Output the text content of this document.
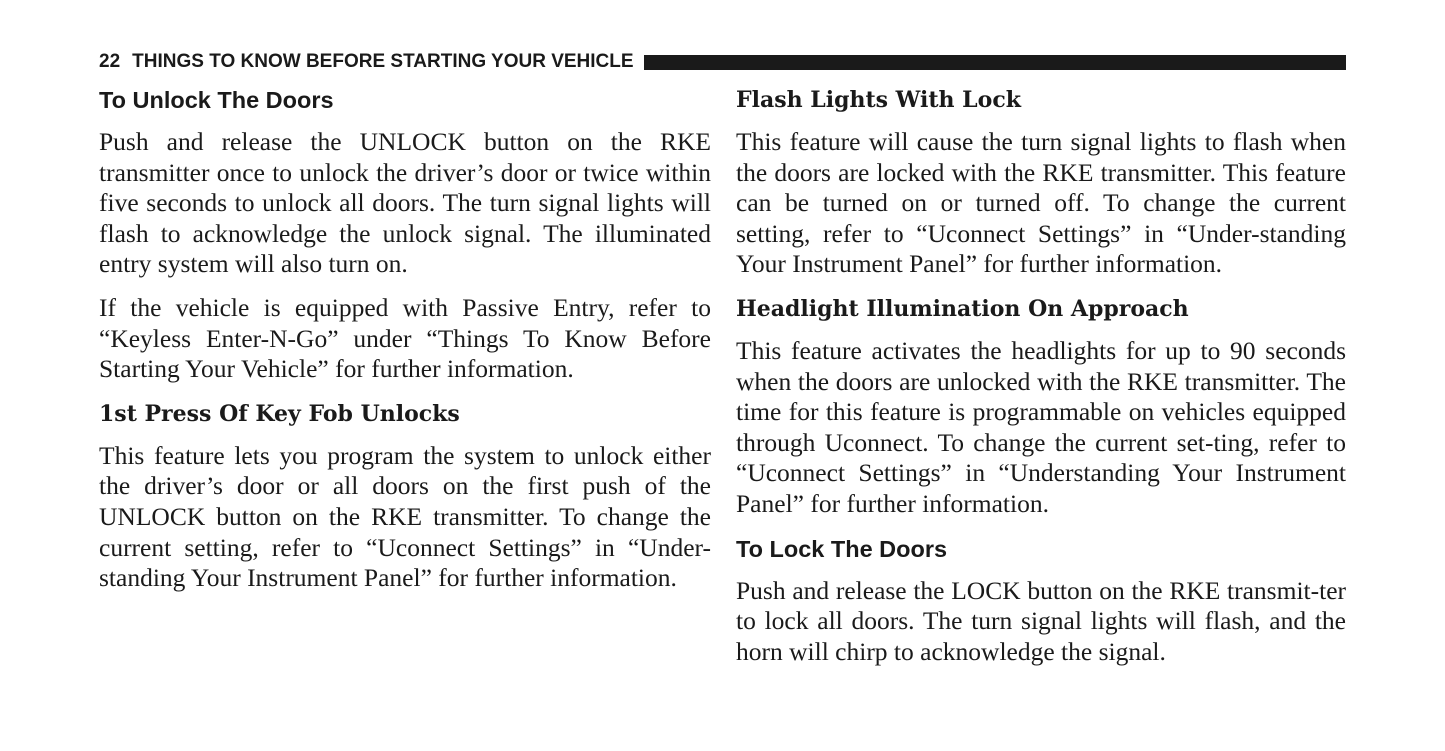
22 THINGS TO KNOW BEFORE STARTING YOUR VEHICLE
To Unlock The Doors

Push and release the UNLOCK button on the RKE transmitter once to unlock the driver’s door or twice within five seconds to unlock all doors. The turn signal lights will flash to acknowledge the unlock signal. The illuminated entry system will also turn on.

If the vehicle is equipped with Passive Entry, refer to “Keyless Enter-N-Go” under “Things To Know Before Starting Your Vehicle” for further information.

1st Press Of Key Fob Unlocks

This feature lets you program the system to unlock either the driver’s door or all doors on the first push of the UNLOCK button on the RKE transmitter. To change the current setting, refer to “Uconnect Settings” in “Under-standing Your Instrument Panel” for further information.

Flash Lights With Lock

This feature will cause the turn signal lights to flash when the doors are locked with the RKE transmitter. This feature can be turned on or turned off. To change the current setting, refer to “Uconnect Settings” in “Under-standing Your Instrument Panel” for further information.

Headlight Illumination On Approach

This feature activates the headlights for up to 90 seconds when the doors are unlocked with the RKE transmitter. The time for this feature is programmable on vehicles equipped through Uconnect. To change the current set-ting, refer to “Uconnect Settings” in “Understanding Your Instrument Panel” for further information.

To Lock The Doors

Push and release the LOCK button on the RKE transmit-ter to lock all doors. The turn signal lights will flash, and the horn will chirp to acknowledge the signal.
